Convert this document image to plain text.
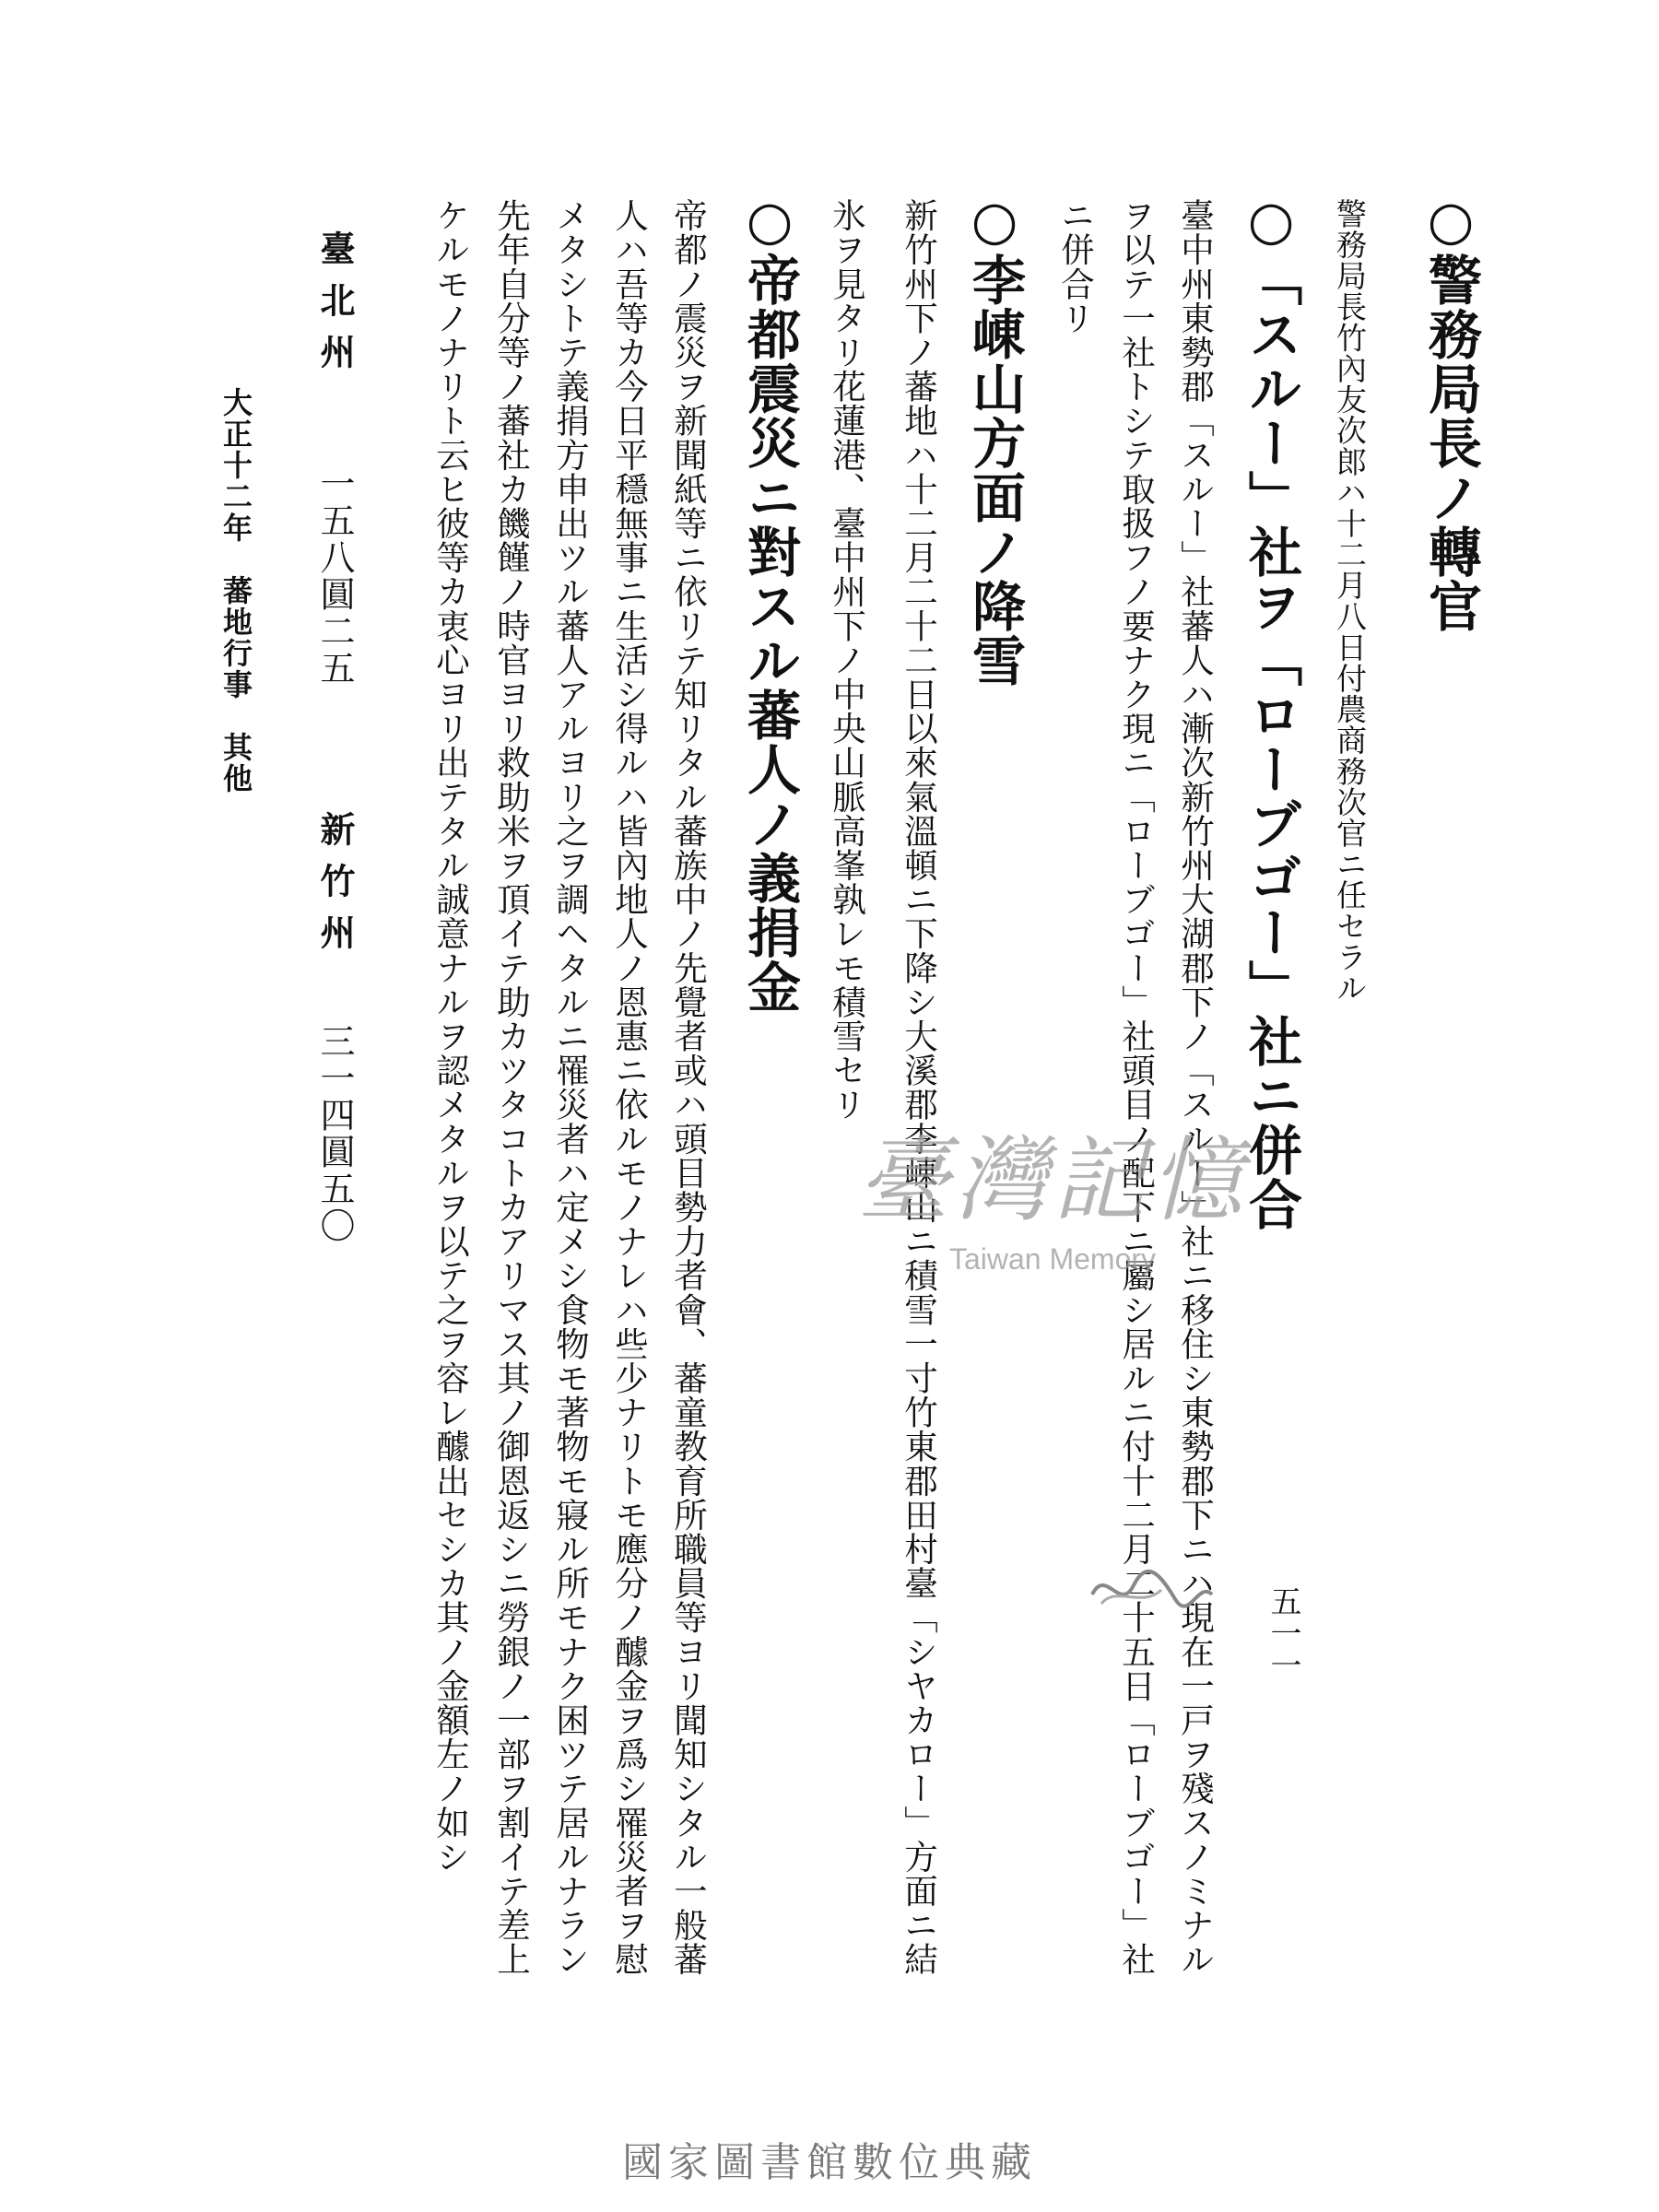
五一一
○警務局長ノ轉官
警務局長竹內友次郎ハ十二月八日付農商務次官ニ任セラル
○「スルー」社ヲ「ローブゴー」社ニ併合
臺中州東勢郡「スルー」社蕃人ハ漸次新竹州大湖郡下ノ「スルー」社ニ移住シ東勢郡下ニハ現在一戸ヲ殘スノミナル
ヲ以テ一社トシテ取扱フノ要ナク現ニ「ローブゴー」社頭目ノ配下ニ屬シ居ルニ付十二月二十五日「ローブゴー」社
ニ併合リ
○李崠山方面ノ降雪
新竹州下ノ蕃地ハ十二月二十二日以來氣溫頓ニ下降シ大溪郡李崠山ニ積雪一寸竹東郡田村臺「シヤカロー」方面ニ結
氷ヲ見タリ花蓮港、臺中州下ノ中央山脈高峯孰レモ積雪セリ
○帝都震災ニ對スル蕃人ノ義捐金
帝都ノ震災ヲ新聞紙等ニ依リテ知リタル蕃族中ノ先覺者或ハ頭目勢力者會、蕃童教育所職員等ヨリ聞知シタル一般蕃
人ハ吾等カ今日平穩無事ニ生活シ得ルハ皆內地人ノ恩惠ニ依ルモノナレハ些少ナリトモ應分ノ醵金ヲ爲シ罹災者ヲ慰
メタシトテ義捐方申出ツル蕃人アルヨリ之ヲ調ヘタルニ罹災者ハ定メシ食物モ著物モ寢ル所モナク困ツテ居ルナラン
先年自分等ノ蕃社カ饑饉ノ時官ヨリ救助米ヲ頂イテ助カツタコトカアリマス其ノ御恩返シニ勞銀ノ一部ヲ割イテ差上
ケルモノナリト云ヒ彼等カ衷心ヨリ出テタル誠意ナルヲ認メタルヲ以テ之ヲ容レ醵出セシカ其ノ金額左ノ如シ
臺北州
一五八圓二五
新竹州
三一四圓五〇
大正十二年　蕃地行事　其他
臺灣記憶
Taiwan Memory
國家圖書館數位典藏
